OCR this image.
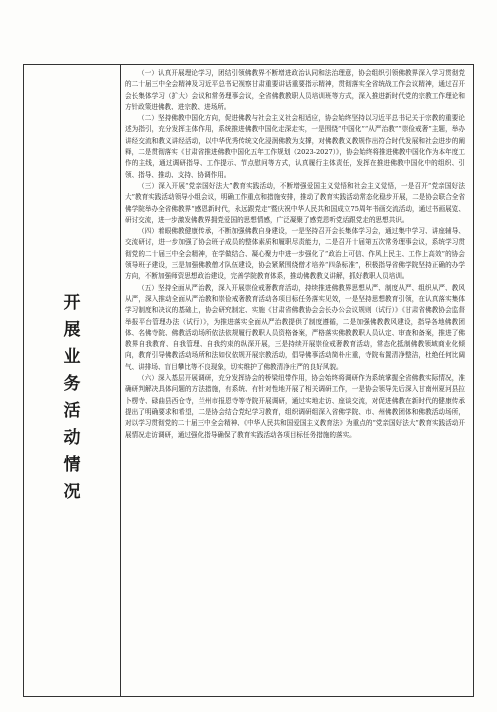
开
展
业
务
活
动
情
况

（一）认真开展理论学习，团结引领佛教界不断增进政治认同和法治理意，协会组织引领佛教界深入学习贯彻党的二十届三中全会精神及习近平总书记视察甘肃重要讲话重要指示精神，贯彻落实全省统战工作会议精神，通过召开会长集体学习（扩大）会议和常务理事会议，全省佛教教职人员培训班等方式，深入推进新时代党的宗教工作理论和方针政策进佛教、进宗教、进场所。

（二）坚持佛教中国化方向，促进佛教与社会主义社会相适应，协会始终坚持以习近平总书记关于宗教的重要论述为指引，充分发挥主体作用，系统推进佛教中国化走深走实，一是围绕“中国化”“从严治教”“崇俭戒奢”主题，举办讲经交流和教义讲经活动，以中华优秀传统文化浸润佛教为支撑，对佛教教义教规作出符合时代发展和社会进步的阐释，二是贯彻落实《甘肃省推进佛教中国化五年工作规划（2023-2027）》，协会始终将推进佛教中国化作为本年度工作的主线，通过调研指导、工作提示、节点慰问等方式，认真履行主体责任，发挥在推进佛教中国化中的组织、引领、指导、推动、支持、协调作用。

（三）深入开展“党亲国好法大”教育实践活动，不断增强爱国主义觉悟和社会主义觉悟，一是召开“党亲国好法大”教育实践活动领导小组会议，明确工作重点和措施安排，推动了教育实践活动常态化稳步开展，二是协会联合全省佛学院举办全省佛教界“感恩新时代，永远跟党走”暨庆祝中华人民共和国成立75周年书画交流活动，通过书画展览、研讨交流，进一步激发佛教界拥党爱国的思想情感，广泛凝聚了感党恩听党话跟党走的思想共识。

（四）着眼佛教健康传承，不断加强佛教自身建设，一是坚持召开会长集体学习会，通过集中学习、讲座辅导、交流研讨，进一步加强了协会班子成员的整体素质和履职尽责能力，二是召开十届第五次常务理事会议，系统学习贯彻党的二十届三中全会精神，在学做结合、凝心聚力中进一步强化了“政治上可信、作风上民主、工作上高效”的协会领导班子建设，三是加强佛教僧才队伍建设，协会紧紧围绕僧才培养“四条标准”，积极指导省佛学院坚持正确的办学方向，不断加强师资思想政治建设，完善学院教育体系，推动佛教教义讲解，抓好教职人员培训。

（五）坚持全面从严治教，深入开展崇俭戒奢教育活动，持续推进佛教界思想从严、制度从严、组织从严、教风从严，深入推动全面从严治教和崇俭戒奢教育活动各项目标任务落实见效，一是坚持思想教育引领，在认真落实集体学习制度和决议的基础上，协会研究制定、实施《甘肃省佛教协会会长办公会议规则（试行）》《甘肃省佛教协会监督举报平台管理办法（试行）》，为推进落实全面从严治教提供了制度遵循，二是加强佛教教风建设，指导各地佛教团体、名佛寺院、佛教活动场所依法依规履行教职人员资格备案，严格落实佛教教职人员认定、审查和备案，推进了佛教界自我教育、自我管理、自我约束的纵深开展，三是持续开展崇俭戒奢教育活动，常态化抵制佛教领域商业化倾向，教育引导佛教活动场所和法如仪依规开展宗教活动，倡导佛事活动简朴庄重，寺院布置清净整洁，杜绝任何比阔气、讲排场、盲目攀比等不良现象，切实维护了佛教清净庄严的良好风貌。

（六）深入基层开展调研，充分发挥协会的桥梁纽带作用，协会始终将调研作为系统掌握全省佛教实际情况，准确研判解决具体问题的方法措施，有系统、有针对性地开展了相关调研工作，一是协会领导先后深入甘南州夏河县拉卜楞寺、碌曲县西仓寺，兰州市报恩寺等寺院开展调研，通过实地走访、座谈交流，对促进佛教在新时代的健康传承提出了明确要求和希望，二是协会结合党纪学习教育，组织调研组深入省佛学院、市、州佛教团体和佛教活动场所，对以学习贯彻党的二十届三中全会精神、《中华人民共和国爱国主义教育法》为重点的“党亲国好法大”教育实践活动开展情况走访调研，通过强化指导确保了教育实践活动各项目标任务措施的落实。
